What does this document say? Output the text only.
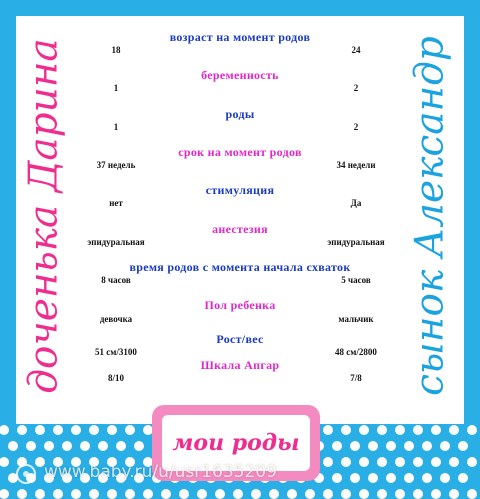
доченька Дарина	сынок Александр
возраст на момент родов
18	24
беременность
1	2
роды
1	2
срок на момент родов
37 недель	34 недели
стимуляция
нет	Да
анестезия
эпидуральная	эпидуральная
время родов с момента начала схваток
8 часов	5 часов
Пол ребенка
девочка	мальчик
Рост/вес
51 см/3100	48 см/2800
Шкала Апгар
8/10	7/8
мои роды
www.baby.ru/u/usr1635209
